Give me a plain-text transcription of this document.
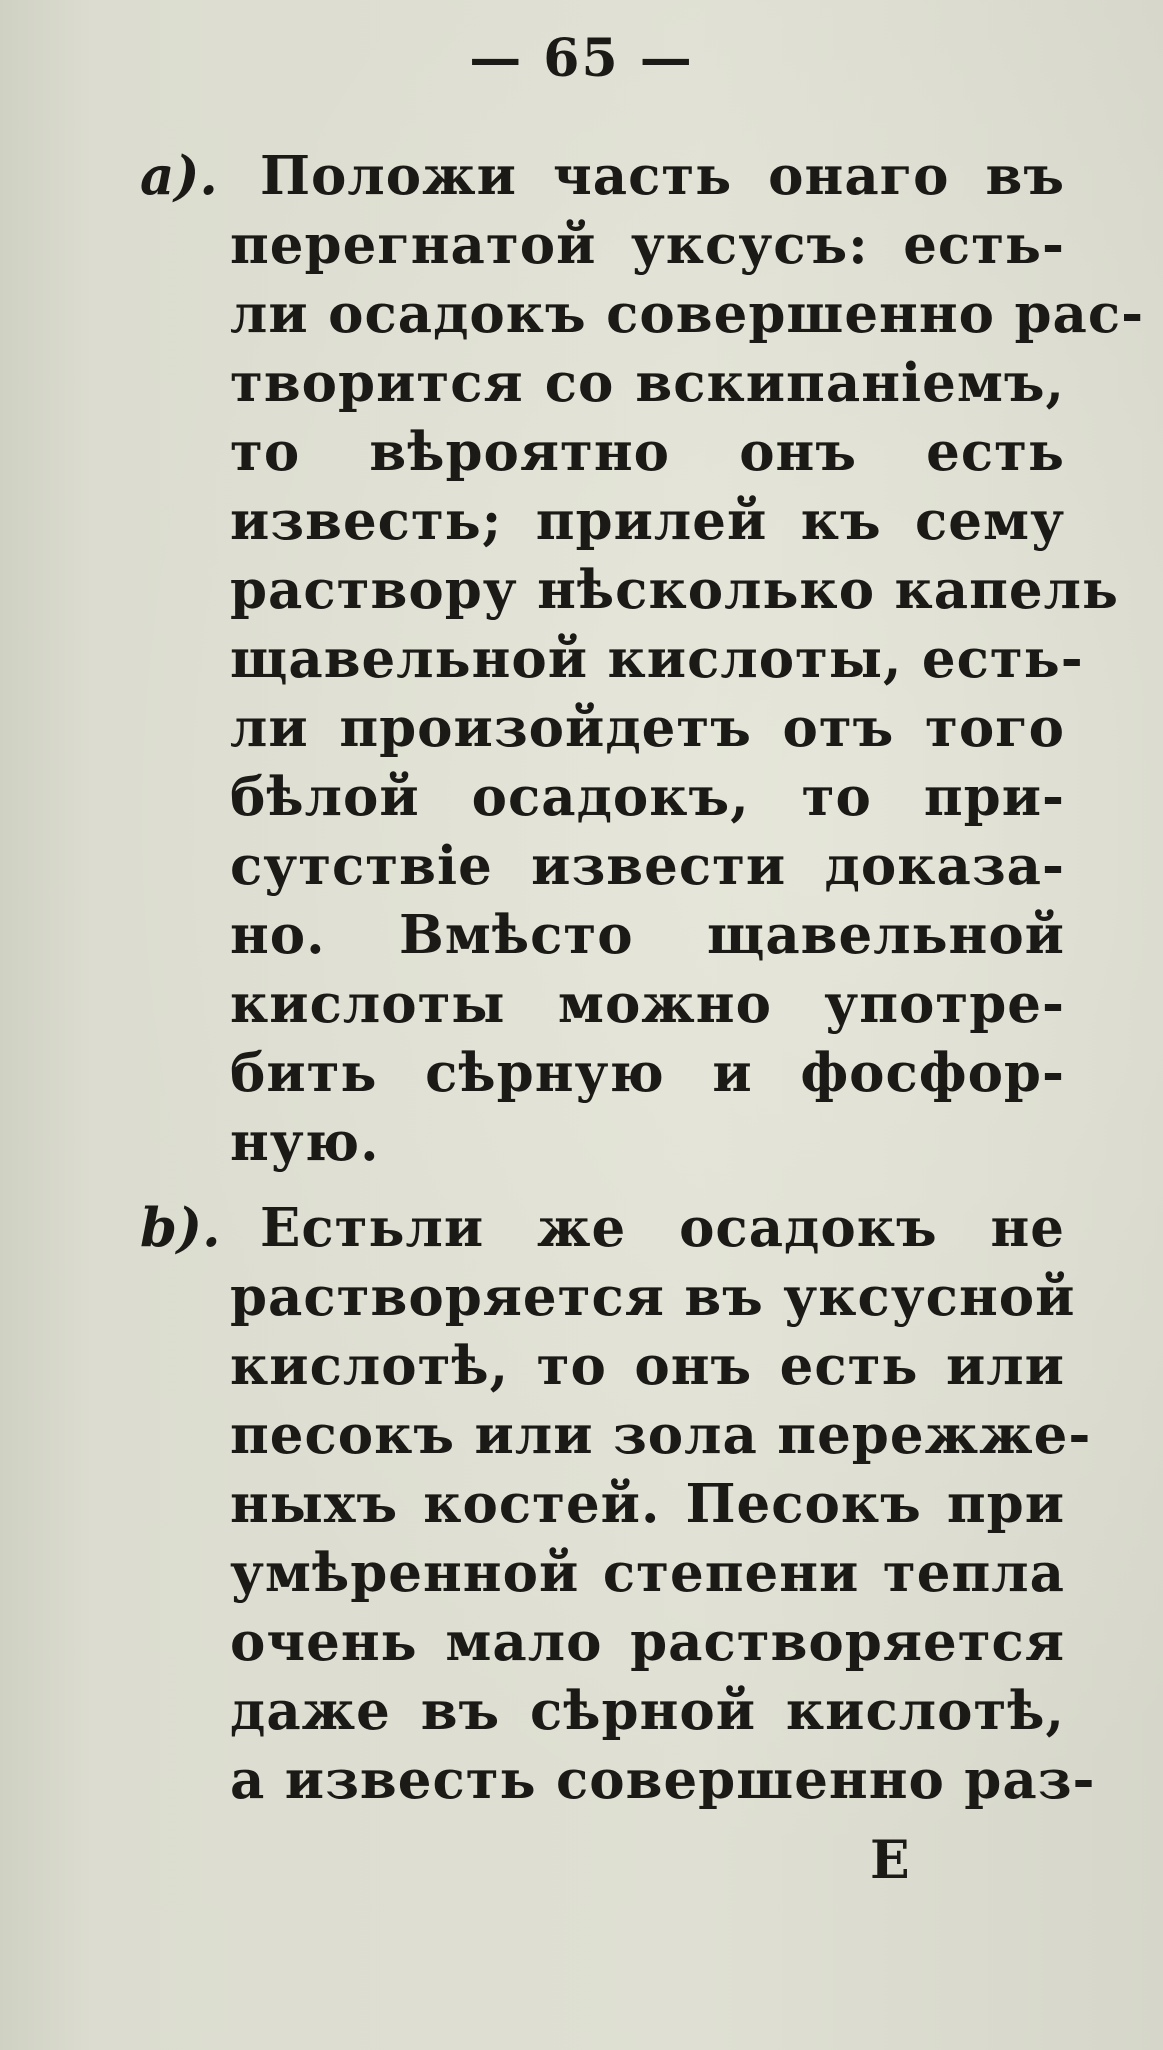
— 65 —
a). Положи часть онаго въ
перегнатой уксусъ: есть-
ли осадокъ совершенно рас-
творится со вскипаніемъ,
то вѣроятно онъ есть
известь; прилей къ сему
раствору нѣсколько капель
щавельной кислоты, есть-
ли произойдетъ отъ того
бѣлой осадокъ, то при-
сутствіе извести доказа-
но. Вмѣсто щавельной
кислоты можно употре-
бить сѣрную и фосфор-
ную.
b). Естьли же осадокъ не
растворяется въ уксусной
кислотѣ, то онъ есть или
песокъ или зола пережже-
ныхъ костей. Песокъ при
умѣренной степени тепла
очень мало растворяется
даже въ сѣрной кислотѣ,
а известь совершенно раз-
Е
